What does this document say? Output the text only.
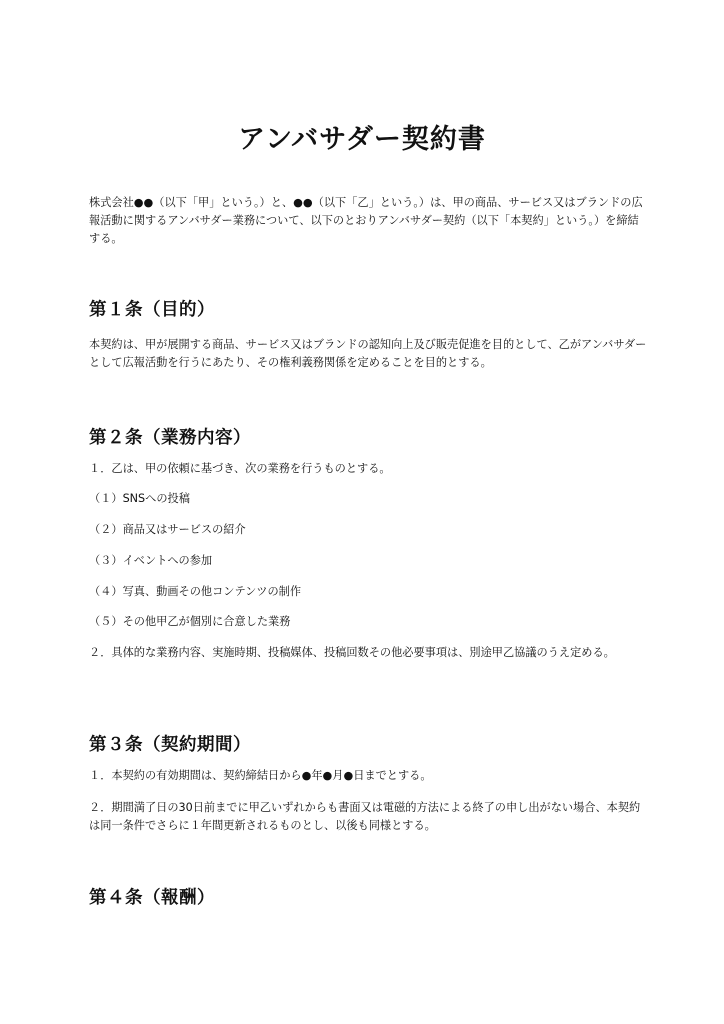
アンバサダー契約書

株式会社●●（以下「甲」という。）と、●●（以下「乙」という。）は、甲の商品、サービス又はブランドの広報活動に関するアンバサダー業務について、以下のとおりアンバサダー契約（以下「本契約」という。）を締結する。

第１条（目的）

本契約は、甲が展開する商品、サービス又はブランドの認知向上及び販売促進を目的として、乙がアンバサダーとして広報活動を行うにあたり、その権利義務関係を定めることを目的とする。

第２条（業務内容）

１．乙は、甲の依頼に基づき、次の業務を行うものとする。

（１）SNSへの投稿

（２）商品又はサービスの紹介

（３）イベントへの参加

（４）写真、動画その他コンテンツの制作

（５）その他甲乙が個別に合意した業務

２．具体的な業務内容、実施時期、投稿媒体、投稿回数その他必要事項は、別途甲乙協議のうえ定める。

第３条（契約期間）

１．本契約の有効期間は、契約締結日から●年●月●日までとする。

２．期間満了日の30日前までに甲乙いずれからも書面又は電磁的方法による終了の申し出がない場合、本契約は同一条件でさらに１年間更新されるものとし、以後も同様とする。

第４条（報酬）
